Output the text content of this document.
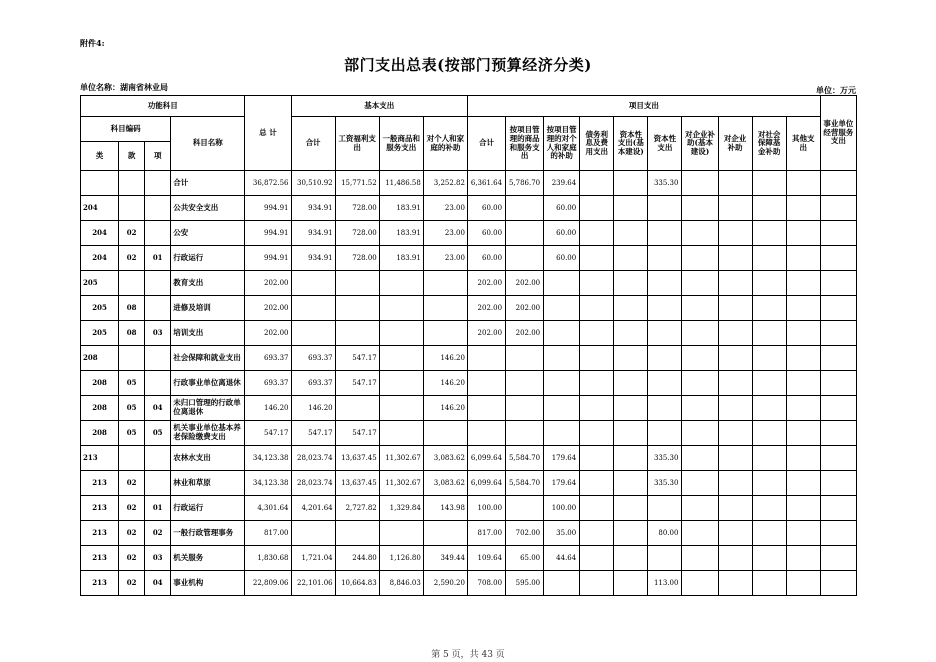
附件4:
部门支出总表(按部门预算经济分类)
单位名称：湖南省林业局	单位：万元
功能科目				总 计	基本支出				项目支出										事业单位经营服务支出
科目编码			科目名称		合计	工资福利支出	一般商品和服务支出	对个人和家庭的补助	合计	按项目管理的商品和服务支出	按项目管理的对个人和家庭的补助	债务利息及费用支出	资本性支出(基本建设)	资本性支出	对企业补助(基本建设)	对企业补助	对社会保障基金补助	其他支出	
类	款	项																	
			合计	36,872.56	30,510.92	15,771.52	11,486.58	3,252.82	6,361.64	5,786.70	239.64			335.30					
204			公共安全支出	994.91	934.91	728.00	183.91	23.00	60.00		60.00								
204	02		公安	994.91	934.91	728.00	183.91	23.00	60.00		60.00								
204	02	01	行政运行	994.91	934.91	728.00	183.91	23.00	60.00		60.00								
205			教育支出	202.00					202.00	202.00									
205	08		进修及培训	202.00					202.00	202.00									
205	08	03	培训支出	202.00					202.00	202.00									
208			社会保障和就业支出	693.37	693.37	547.17		146.20											
208	05		行政事业单位离退休	693.37	693.37	547.17		146.20											
208	05	04	未归口管理的行政单位离退休	146.20	146.20			146.20											
208	05	05	机关事业单位基本养老保险缴费支出	547.17	547.17	547.17													
213			农林水支出	34,123.38	28,023.74	13,637.45	11,302.67	3,083.62	6,099.64	5,584.70	179.64			335.30					
213	02		林业和草原	34,123.38	28,023.74	13,637.45	11,302.67	3,083.62	6,099.64	5,584.70	179.64			335.30					
213	02	01	行政运行	4,301.64	4,201.64	2,727.82	1,329.84	143.98	100.00		100.00								
213	02	02	一般行政管理事务	817.00					817.00	702.00	35.00			80.00					
213	02	03	机关服务	1,830.68	1,721.04	244.80	1,126.80	349.44	109.64	65.00	44.64								
213	02	04	事业机构	22,809.06	22,101.06	10,664.83	8,846.03	2,590.20	708.00	595.00				113.00					
第 5 页，共 43 页
